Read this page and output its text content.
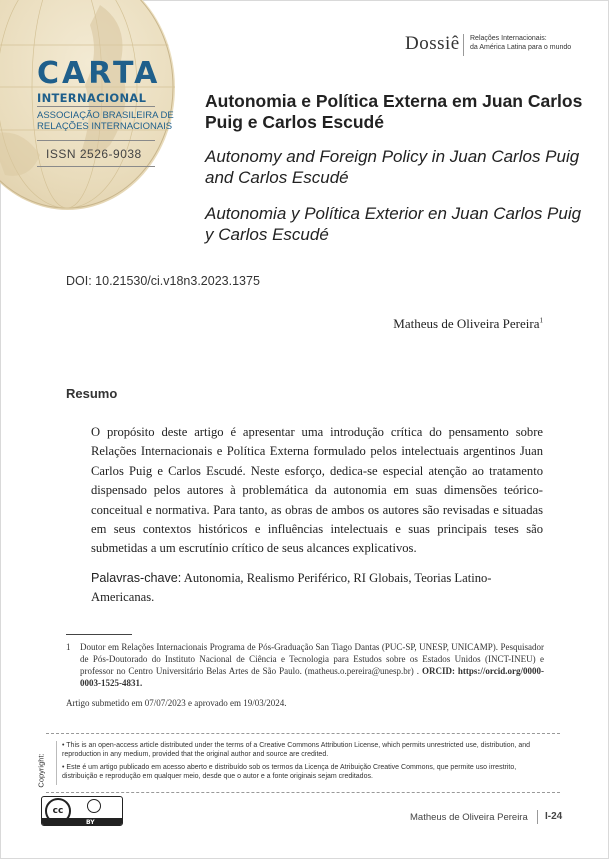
CARTA
INTERNACIONAL
ASSOCIAÇÃO BRASILEIRA DE
RELAÇÕES INTERNACIONAIS
ISSN 2526-9038
Dossiê Relações Internacionais:
da América Latina para o mundo
Autonomia e Política Externa em Juan Carlos Puig e Carlos Escudé
Autonomy and Foreign Policy in Juan Carlos Puig and Carlos Escudé
Autonomia y Política Exterior en Juan Carlos Puig y Carlos Escudé
DOI: 10.21530/ci.v18n3.2023.1375
Matheus de Oliveira Pereira$^1$
Resumo
O propósito deste artigo é apresentar uma introdução crítica do pensamento sobre Relações Internacionais e Política Externa formulado pelos intelectuais argentinos Juan Carlos Puig e Carlos Escudé. Neste esforço, dedica-se especial atenção ao tratamento dispensado pelos autores à problemática da autonomia em suas dimensões teórico-conceitual e normativa. Para tanto, as obras de ambos os autores são revisadas e situadas em seus contextos históricos e influências intelectuais e suas principais teses são submetidas a um escrutínio crítico de seus alcances explicativos.
Palavras-chave: Autonomia, Realismo Periférico, RI Globais, Teorias Latino-Americanas.
1 Doutor em Relações Internacionais Programa de Pós-Graduação San Tiago Dantas (PUC-SP, UNESP, UNICAMP). Pesquisador de Pós-Doutorado do Instituto Nacional de Ciência e Tecnologia para Estudos sobre os Estados Unidos (INCT-INEU) e professor no Centro Universitário Belas Artes de São Paulo. (matheus.o.pereira@unesp.br) . ORCID: https://orcid.org/0000-0003-1525-4831.
Artigo submetido em 07/07/2023 e aprovado em 19/03/2024.
Copyright:

• This is an open-access article distributed under the terms of a Creative Commons Attribution License, which permits unrestricted use, distribution, and reproduction in any medium, provided that the original author and source are credited.

• Este é um artigo publicado em acesso aberto e distribuído sob os termos da Licença de Atribuição Creative Commons, que permite uso irrestrito, distribuição e reprodução em qualquer meio, desde que o autor e a fonte originais sejam creditados.

cc
BY	Matheus de Oliveira Pereira I-24
